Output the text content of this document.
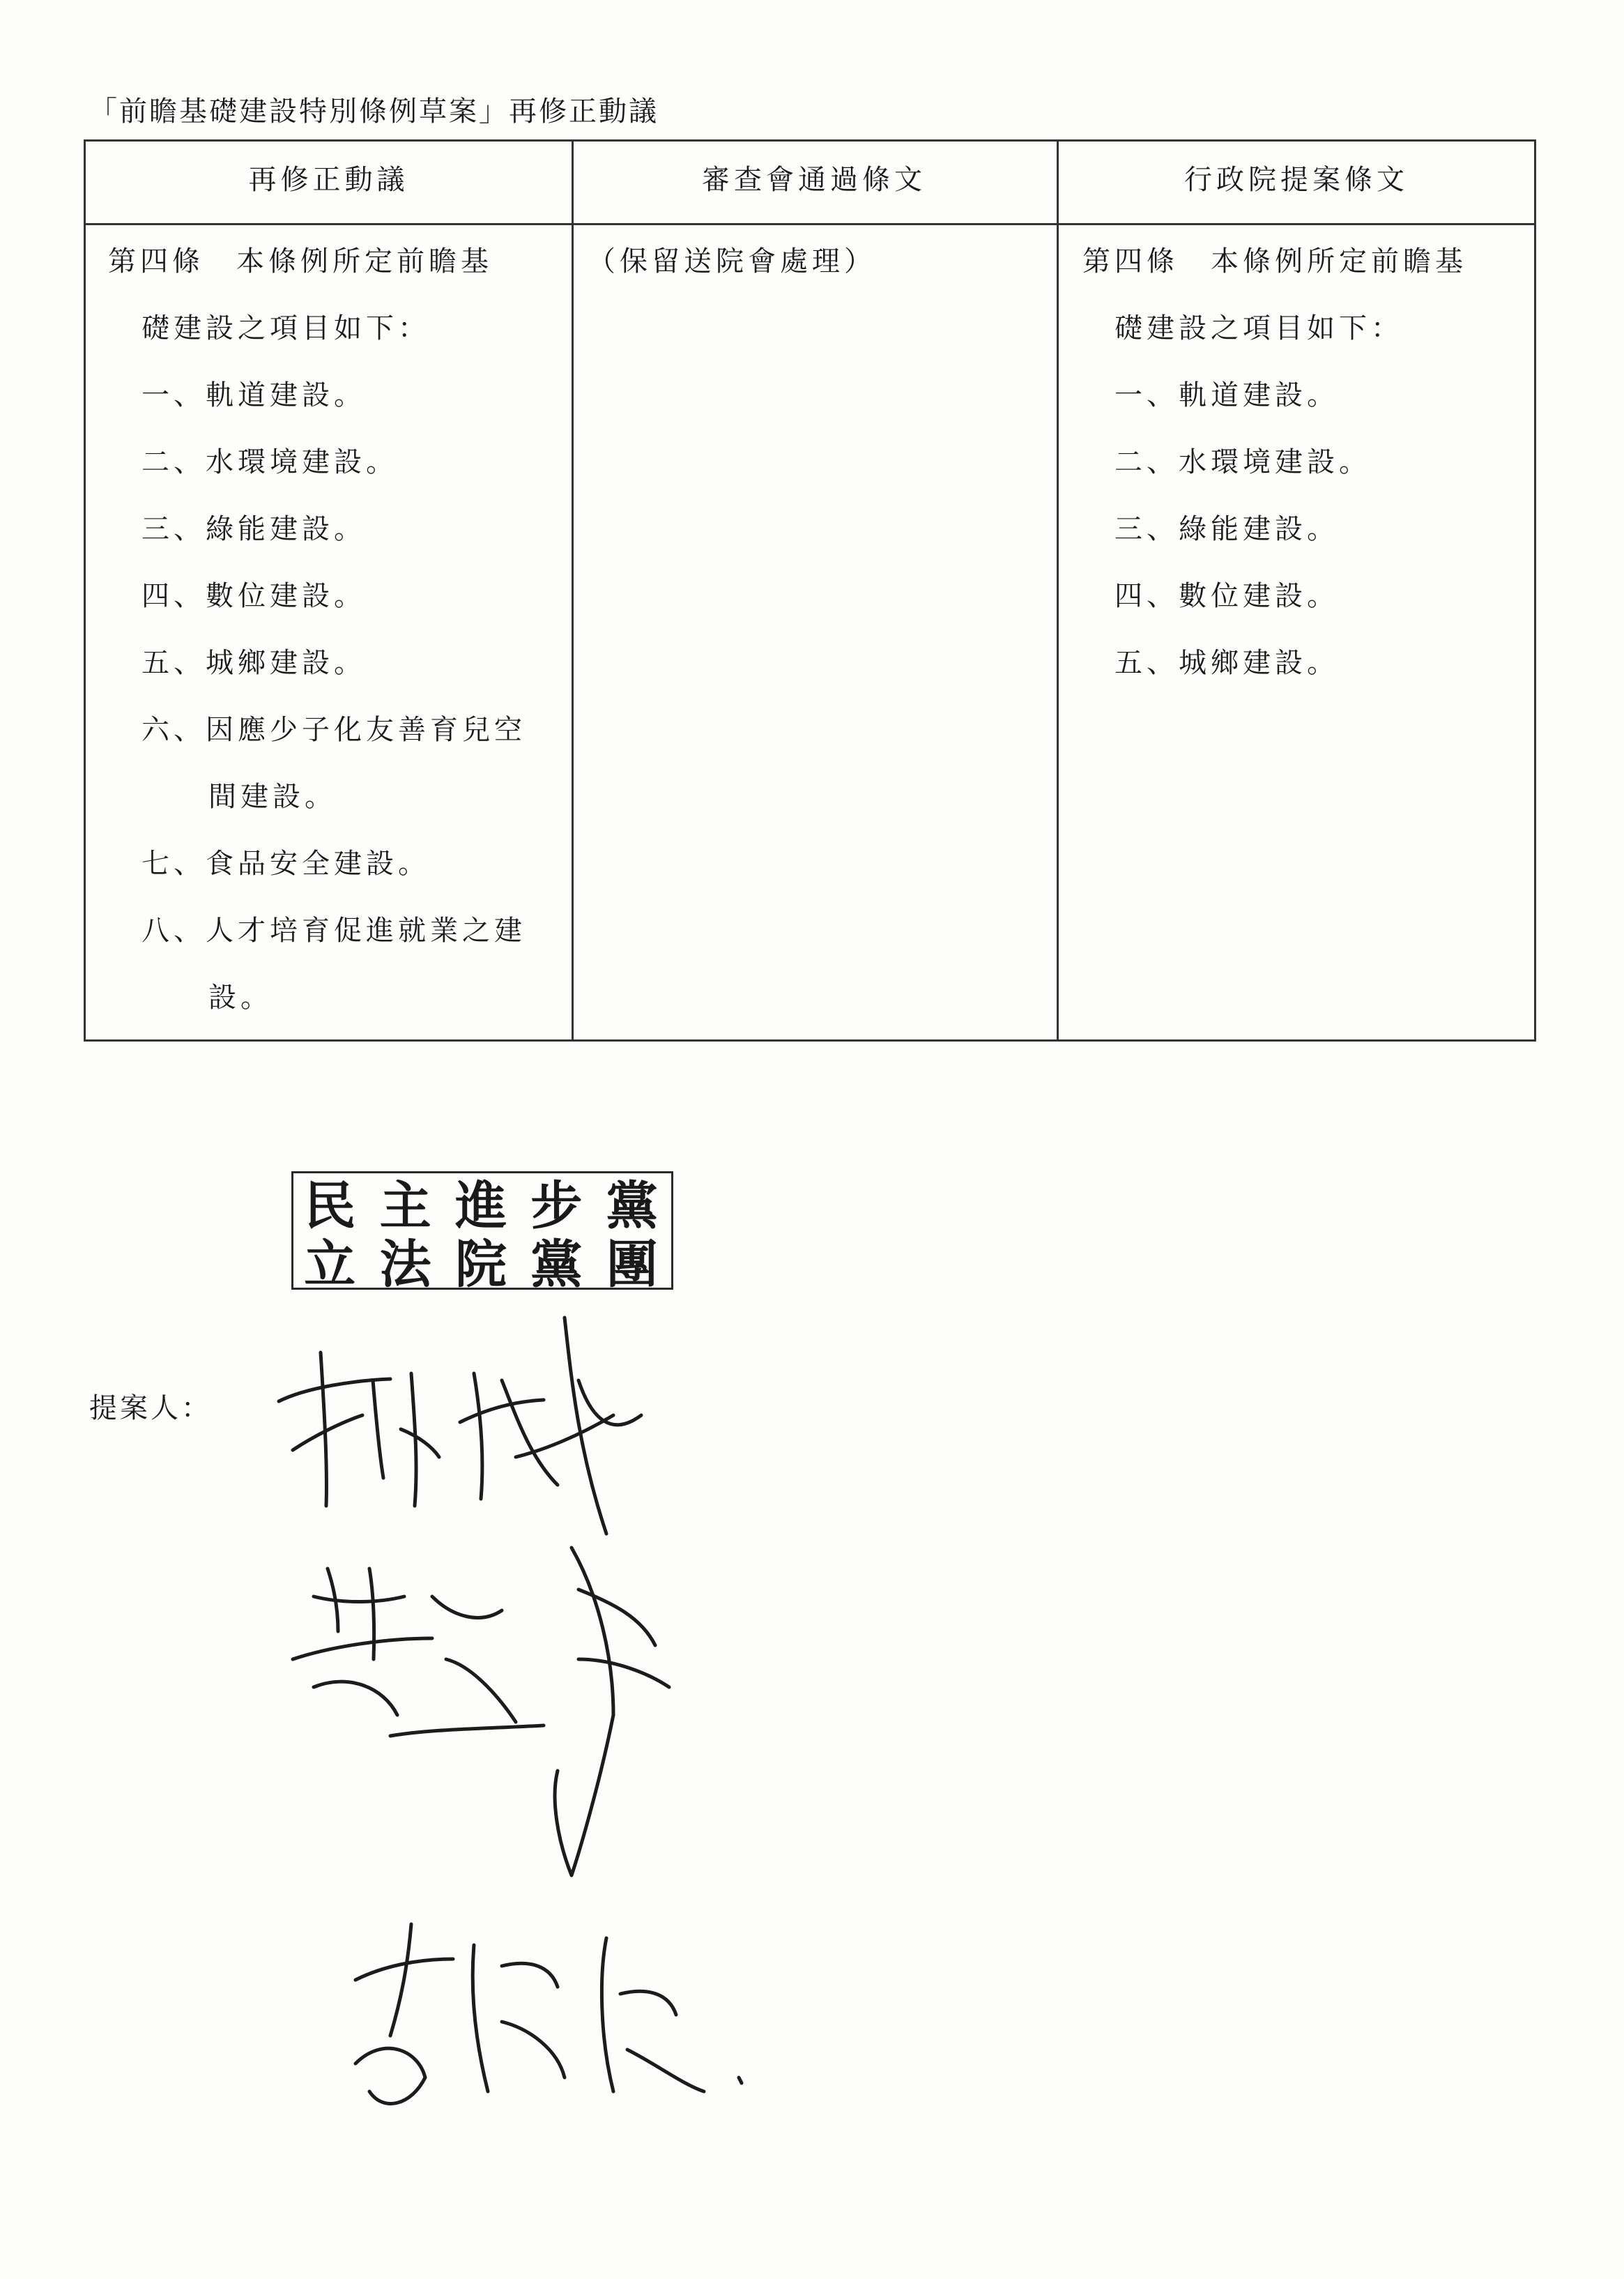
「前瞻基礎建設特別條例草案」再修正動議
再修正動議	審查會通過條文	行政院提案條文
第四條　本條例所定前瞻基
礎建設之項目如下：
一、軌道建設。
二、水環境建設。
三、綠能建設。
四、數位建設。
五、城鄉建設。
六、因應少子化友善育兒空
間建設。
七、食品安全建設。
八、人才培育促進就業之建
設。
（保留送院會處理）	第四條　本條例所定前瞻基
礎建設之項目如下：
一、軌道建設。
二、水環境建設。
三、綠能建設。
四、數位建設。
五、城鄉建設。
民 主 進 步 黨
立 法 院 黨 團
提案人：
